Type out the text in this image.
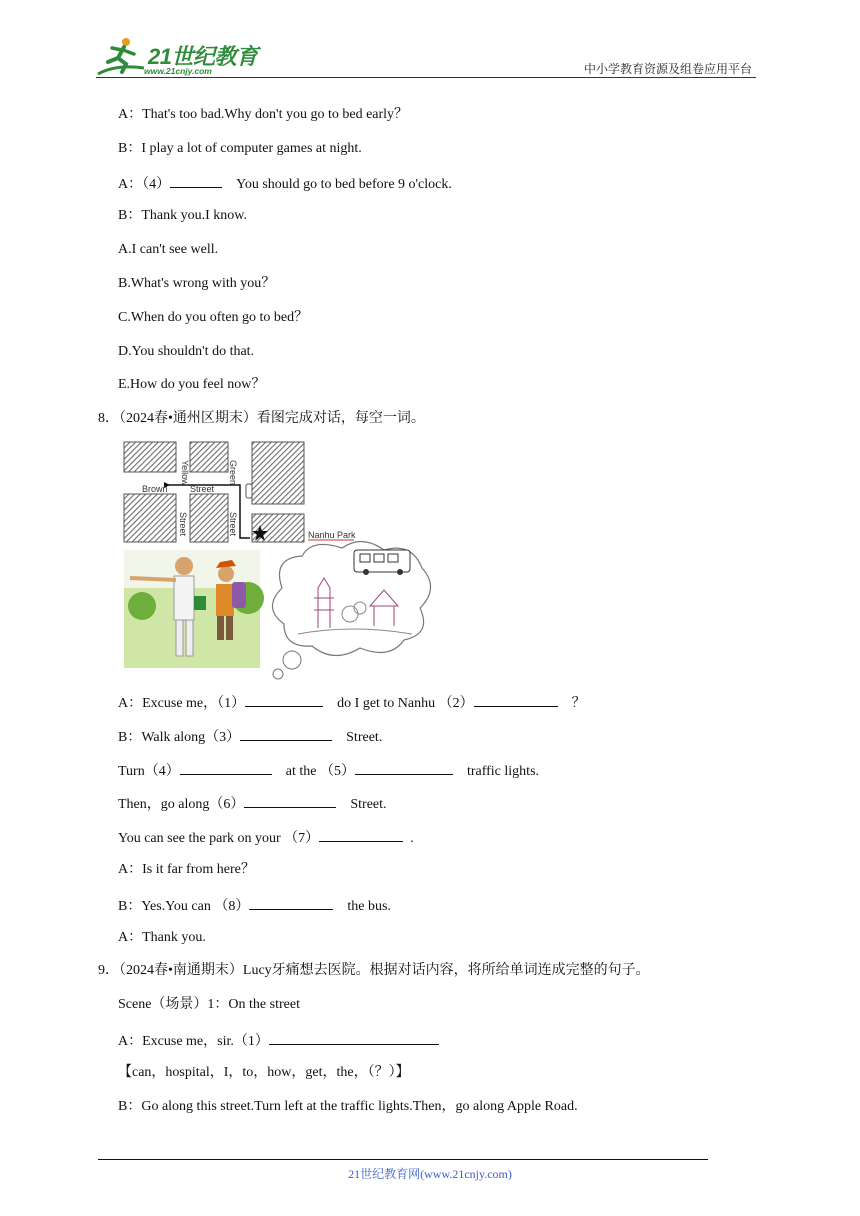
21世纪教育
www.21cnjy.com	中小学教育资源及组卷应用平台
A：That's too bad.Why don't you go to bed early？
B：I play a lot of computer games at night.
A：（4）	You should go to bed before 9 o'clock.
B：Thank you.I know.
A.I can't see well.
B.What's wrong with you？
C.When do you often go to bed？
D.You shouldn't do that.
E.How do you feel now？
8．（2024春•通州区期末）看图完成对话，每空一词。
Yellow	Green
Brown Street
Street	Street	Nanhu Park
A：Excuse me，（1）	do I get to Nanhu （2）	？
B：Walk along（3）	Street.
Turn（4）	at the （5）	traffic lights.
Then，go along（6）	Street.
You can see the park on your （7）	.
A：Is it far from here？
B：Yes.You can （8）	the bus.
A：Thank you.
9．（2024春•南通期末）Lucy牙痛想去医院。根据对话内容，将所给单词连成完整的句子。
Scene（场景）1：On the street
A：Excuse me，sir.（1）
【can，hospital，I，to，how，get，the，（？）】
B：Go along this street.Turn left at the traffic lights.Then，go along Apple Road.
21世纪教育网(www.21cnjy.com)
